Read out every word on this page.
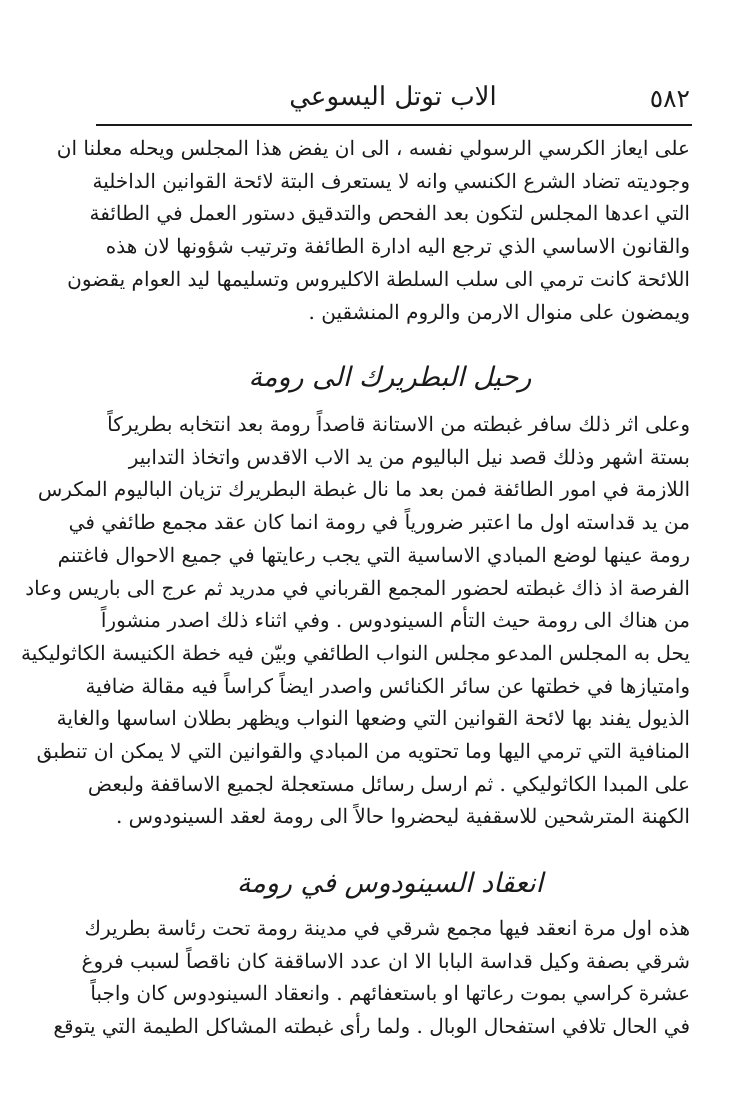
٥٨٢
الاب توتل اليسوعي
على ايعاز الكرسي الرسولي نفسه ، الى ان يفض هذا المجلس ويحله معلنا ان
وجوديته تضاد الشرع الكنسي وانه لا يستعرف البتة لائحة القوانين الداخلية
التي اعدها المجلس لتكون بعد الفحص والتدقيق دستور العمل في الطائفة
والقانون الاساسي الذي ترجع اليه ادارة الطائفة وترتيب شؤونها لان هذه
اللائحة كانت ترمي الى سلب السلطة الاكليروس وتسليمها ليد العوام يقضون
ويمضون على منوال الارمن والروم المنشقين .
رحيل البطريرك الى رومة
وعلى اثر ذلك سافر غبطته من الاستانة قاصداً رومة بعد انتخابه بطريركاً
بستة اشهر وذلك قصد نيل الباليوم من يد الاب الاقدس واتخاذ التدابير
اللازمة في امور الطائفة فمن بعد ما نال غبطة البطريرك تزيان الباليوم المكرس
من يد قداسته اول ما اعتبر ضرورياً في رومة انما كان عقد مجمع طائفي في
رومة عينها لوضع المبادي الاساسية التي يجب رعايتها في جميع الاحوال فاغتنم
الفرصة اذ ذاك غبطته لحضور المجمع القرباني في مدريد ثم عرج الى باريس وعاد
من هناك الى رومة حيث التأم السينودوس . وفي اثناء ذلك اصدر منشوراً
يحل به المجلس المدعو مجلس النواب الطائفي وبيّن فيه خطة الكنيسة الكاثوليكية
وامتيازها في خطتها عن سائر الكنائس واصدر ايضاً كراساً فيه مقالة ضافية
الذيول يفند بها لائحة القوانين التي وضعها النواب ويظهر بطلان اساسها والغاية
المنافية التي ترمي اليها وما تحتويه من المبادي والقوانين التي لا يمكن ان تنطبق
على المبدا الكاثوليكي . ثم ارسل رسائل مستعجلة لجميع الاساقفة ولبعض
الكهنة المترشحين للاسقفية ليحضروا حالاً الى رومة لعقد السينودوس .
انعقاد السينودوس في رومة
هذه اول مرة انعقد فيها مجمع شرقي في مدينة رومة تحت رئاسة بطريرك
شرقي بصفة وكيل قداسة البابا الا ان عدد الاساقفة كان ناقصاً لسبب فروغ
عشرة كراسي بموت رعاتها او باستعفائهم . وانعقاد السينودوس كان واجباً
في الحال تلافي استفحال الوبال . ولما رأى غبطته المشاكل الطيمة التي يتوقع
